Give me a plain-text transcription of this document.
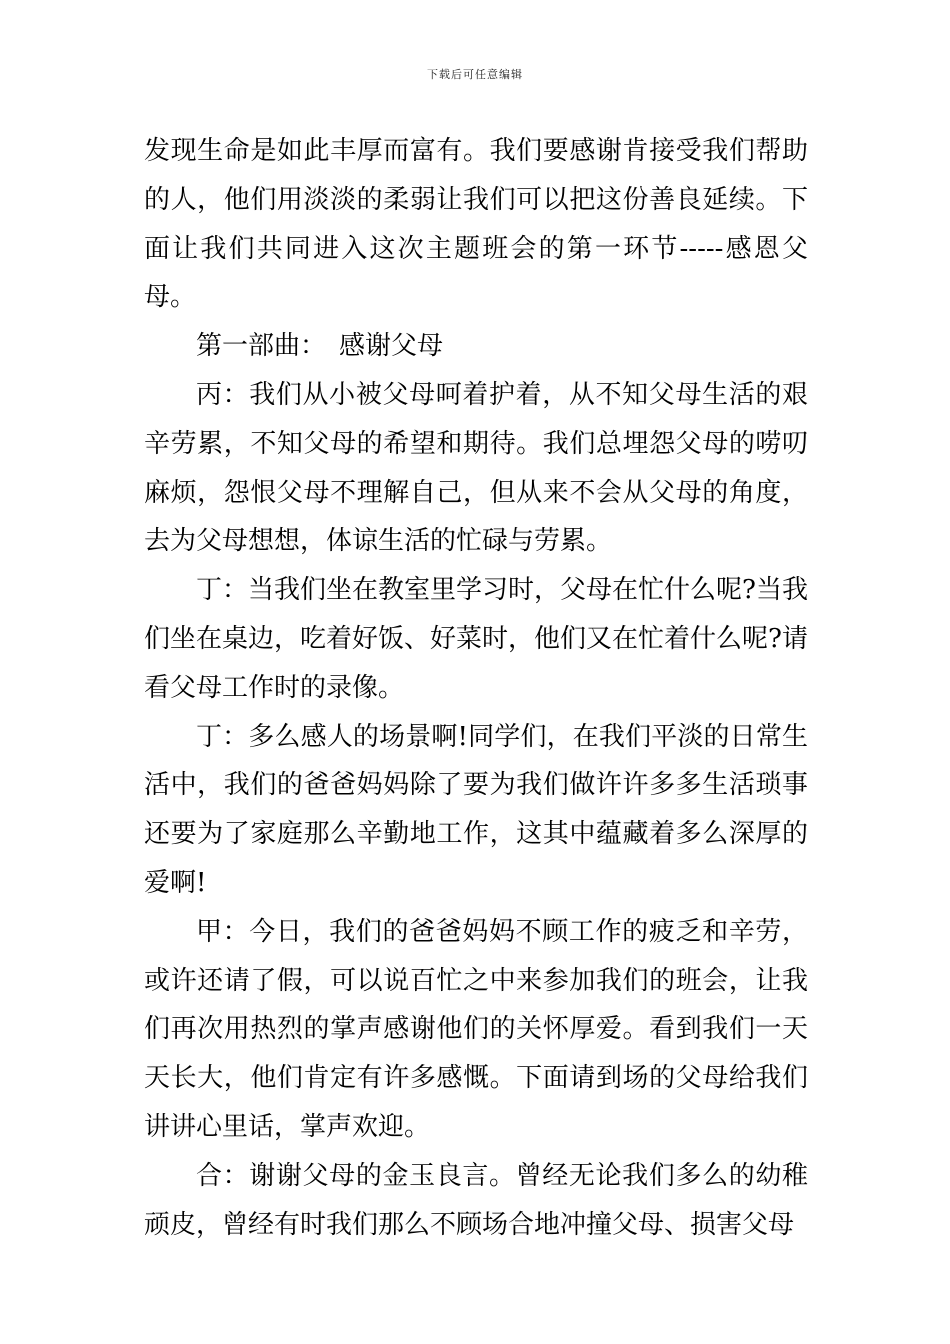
下载后可任意编辑

发现生命是如此丰厚而富有。我们要感谢肯接受我们帮助的人，他们用淡淡的柔弱让我们可以把这份善良延续。下面让我们共同进入这次主题班会的第一环节-----感恩父母。

第一部曲：　感谢父母

丙：我们从小被父母呵着护着，从不知父母生活的艰辛劳累，不知父母的希望和期待。我们总埋怨父母的唠叨麻烦，怨恨父母不理解自己，但从来不会从父母的角度，去为父母想想，体谅生活的忙碌与劳累。

丁：当我们坐在教室里学习时，父母在忙什么呢?当我们坐在桌边，吃着好饭、好菜时，他们又在忙着什么呢?请看父母工作时的录像。

丁：多么感人的场景啊!同学们，在我们平淡的日常生活中，我们的爸爸妈妈除了要为我们做许许多多生活琐事还要为了家庭那么辛勤地工作，这其中蕴藏着多么深厚的爱啊!

甲：今日，我们的爸爸妈妈不顾工作的疲乏和辛劳，或许还请了假，可以说百忙之中来参加我们的班会，让我们再次用热烈的掌声感谢他们的关怀厚爱。看到我们一天天长大，他们肯定有许多感慨。下面请到场的父母给我们讲讲心里话，掌声欢迎。

合：谢谢父母的金玉良言。曾经无论我们多么的幼稚顽皮，曾经有时我们那么不顾场合地冲撞父母、损害父母
